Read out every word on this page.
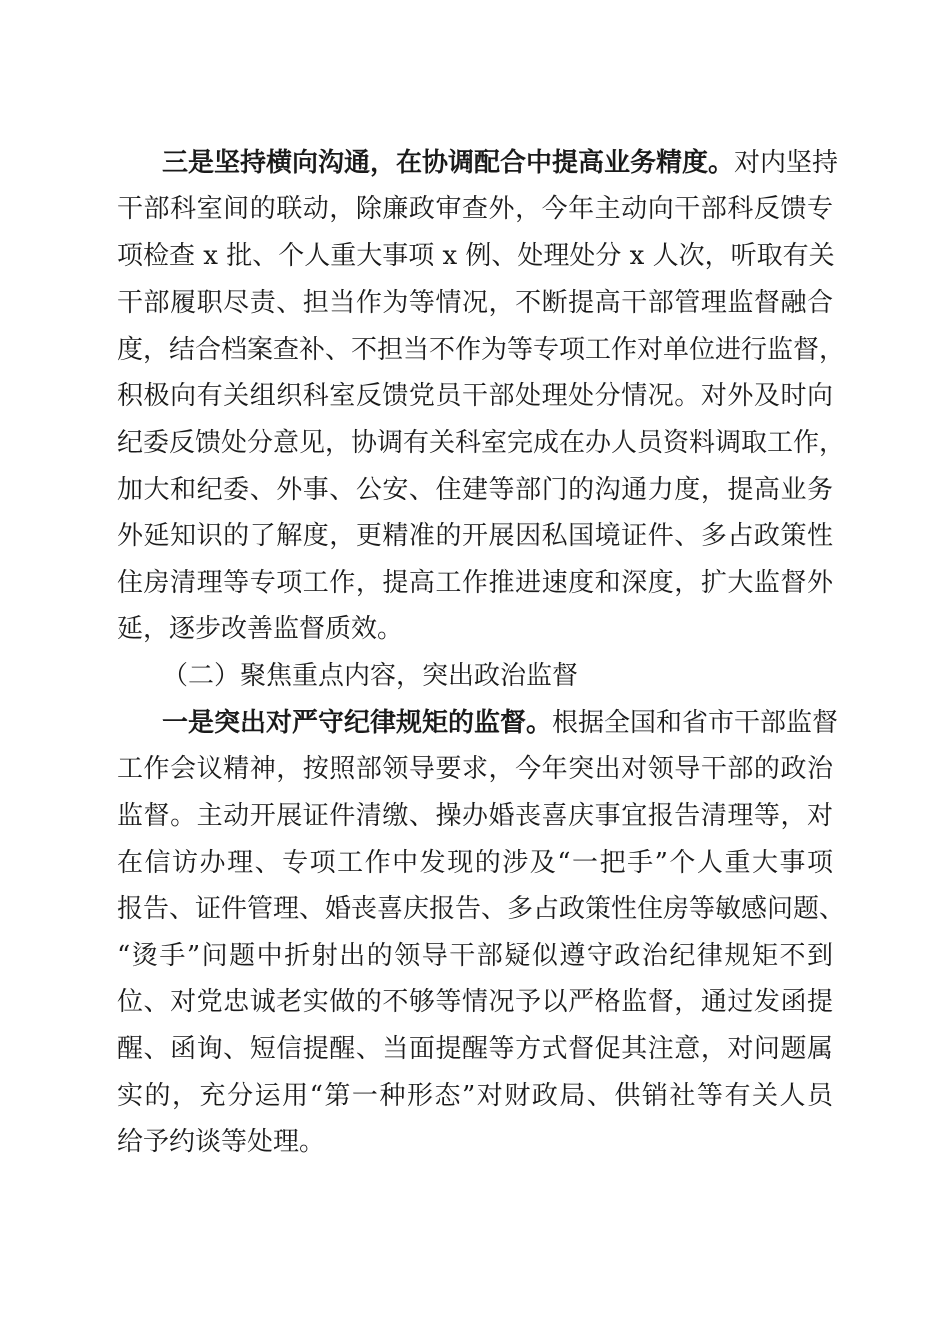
三是坚持横向沟通，在协调配合中提高业务精度。对内坚持
干部科室间的联动，除廉政审查外，今年主动向干部科反馈专
项检查 x 批、个人重大事项 x 例、处理处分 x 人次，听取有关
干部履职尽责、担当作为等情况，不断提高干部管理监督融合
度，结合档案查补、不担当不作为等专项工作对单位进行监督，
积极向有关组织科室反馈党员干部处理处分情况。对外及时向
纪委反馈处分意见，协调有关科室完成在办人员资料调取工作，
加大和纪委、外事、公安、住建等部门的沟通力度，提高业务
外延知识的了解度，更精准的开展因私国境证件、多占政策性
住房清理等专项工作，提高工作推进速度和深度，扩大监督外
延，逐步改善监督质效。
（二）聚焦重点内容，突出政治监督
一是突出对严守纪律规矩的监督。根据全国和省市干部监督
工作会议精神，按照部领导要求，今年突出对领导干部的政治
监督。主动开展证件清缴、操办婚丧喜庆事宜报告清理等，对
在信访办理、专项工作中发现的涉及“一把手”个人重大事项
报告、证件管理、婚丧喜庆报告、多占政策性住房等敏感问题、
“烫手”问题中折射出的领导干部疑似遵守政治纪律规矩不到
位、对党忠诚老实做的不够等情况予以严格监督，通过发函提
醒、函询、短信提醒、当面提醒等方式督促其注意，对问题属
实的，充分运用“第一种形态”对财政局、供销社等有关人员
给予约谈等处理。
